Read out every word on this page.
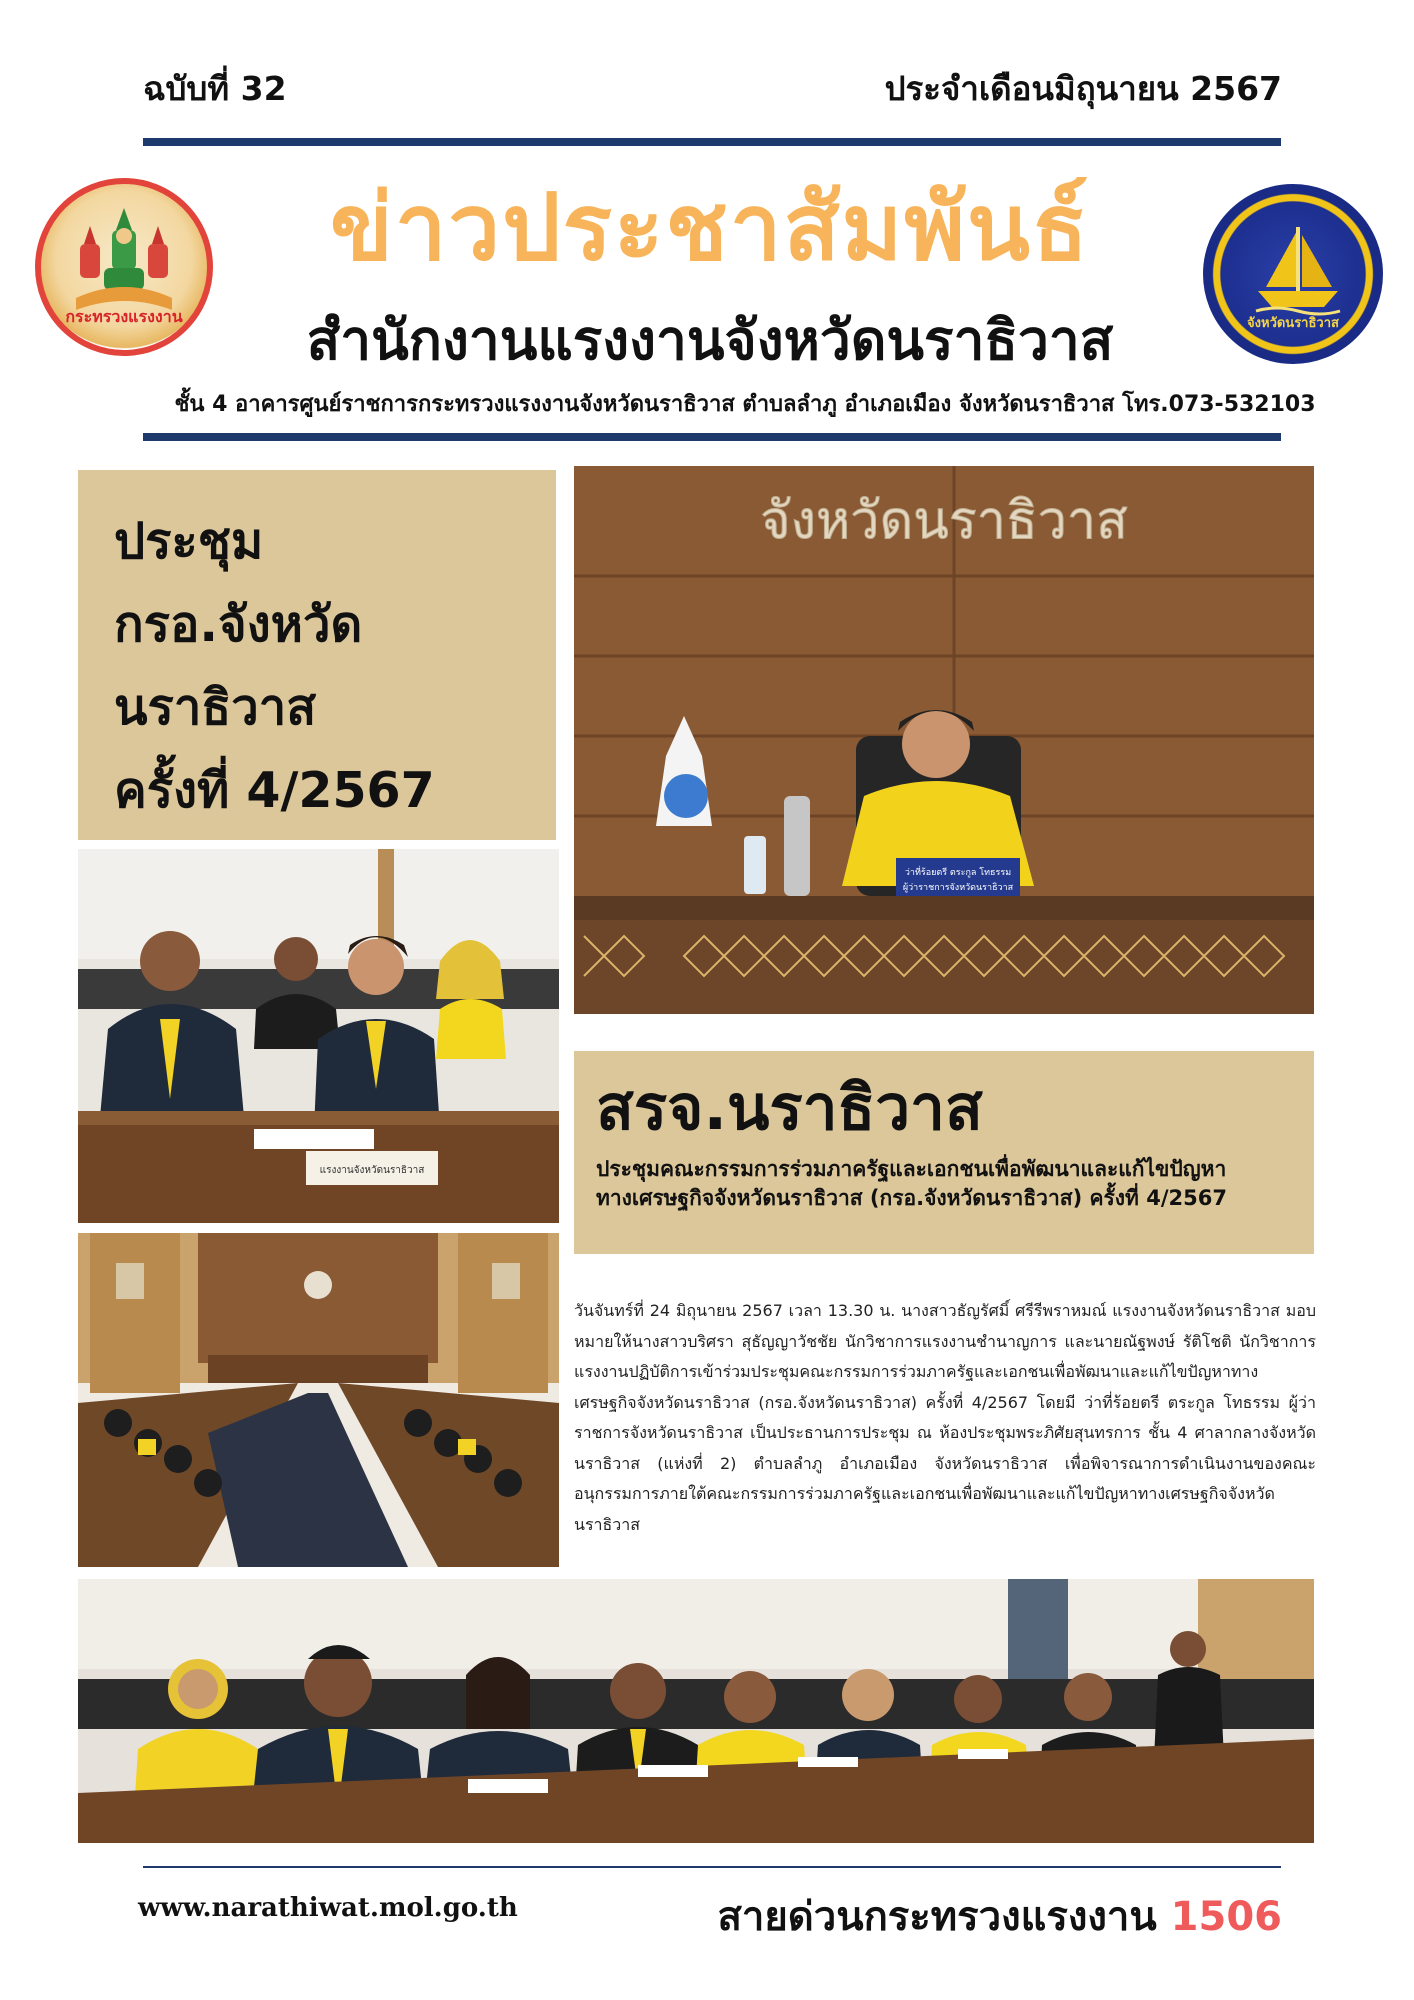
ฉบับที่ 32	ประจำเดือนมิถุนายน 2567
กระทรวงแรงงาน	จังหวัดนราธิวาส
ข่าวประชาสัมพันธ์
สำนักงานแรงงานจังหวัดนราธิวาส
ชั้น 4 อาคารศูนย์ราชการกระทรวงแรงงานจังหวัดนราธิวาส ตำบลลำภู อำเภอเมือง จังหวัดนราธิวาส โทร.073-532103
ประชุม
กรอ.จังหวัด
นราธิวาส
ครั้งที่ 4/2567
จังหวัดนราธิวาส
ว่าที่ร้อยตรี ตระกูล โทธรรม
ผู้ว่าราชการจังหวัดนราธิวาส
แรงงานจังหวัดนราธิวาส
สรจ.นราธิวาส
ประชุมคณะกรรมการร่วมภาครัฐและเอกชนเพื่อพัฒนาและแก้ไขปัญหา
ทางเศรษฐกิจจังหวัดนราธิวาส (กรอ.จังหวัดนราธิวาส) ครั้งที่ 4/2567
วันจันทร์ที่ 24 มิถุนายน 2567 เวลา 13.30 น. นางสาวธัญรัศมิ์ ศรีรีพราหมณ์ แรงงานจังหวัดนราธิวาส มอบหมายให้นางสาวบริศรา สุธัญญาวัชชัย นักวิชาการแรงงานชำนาญการ และนายณัฐพงษ์ รัติโชติ นักวิชาการแรงงานปฏิบัติการเข้าร่วมประชุมคณะกรรมการร่วมภาครัฐและเอกชนเพื่อพัฒนาและแก้ไขปัญหาทางเศรษฐกิจจังหวัดนราธิวาส (กรอ.จังหวัดนราธิวาส) ครั้งที่ 4/2567 โดยมี ว่าที่ร้อยตรี ตระกูล โทธรรม ผู้ว่าราชการจังหวัดนราธิวาส เป็นประธานการประชุม ณ ห้องประชุมพระภิศัยสุนทรการ ชั้น 4 ศาลากลางจังหวัดนราธิวาส (แห่งที่ 2) ตำบลลำภู อำเภอเมือง จังหวัดนราธิวาส เพื่อพิจารณาการดำเนินงานของคณะอนุกรรมการภายใต้คณะกรรมการร่วมภาครัฐและเอกชนเพื่อพัฒนาและแก้ไขปัญหาทางเศรษฐกิจจังหวัดนราธิวาส
www.narathiwat.mol.go.th	สายด่วนกระทรวงแรงงาน 1506
